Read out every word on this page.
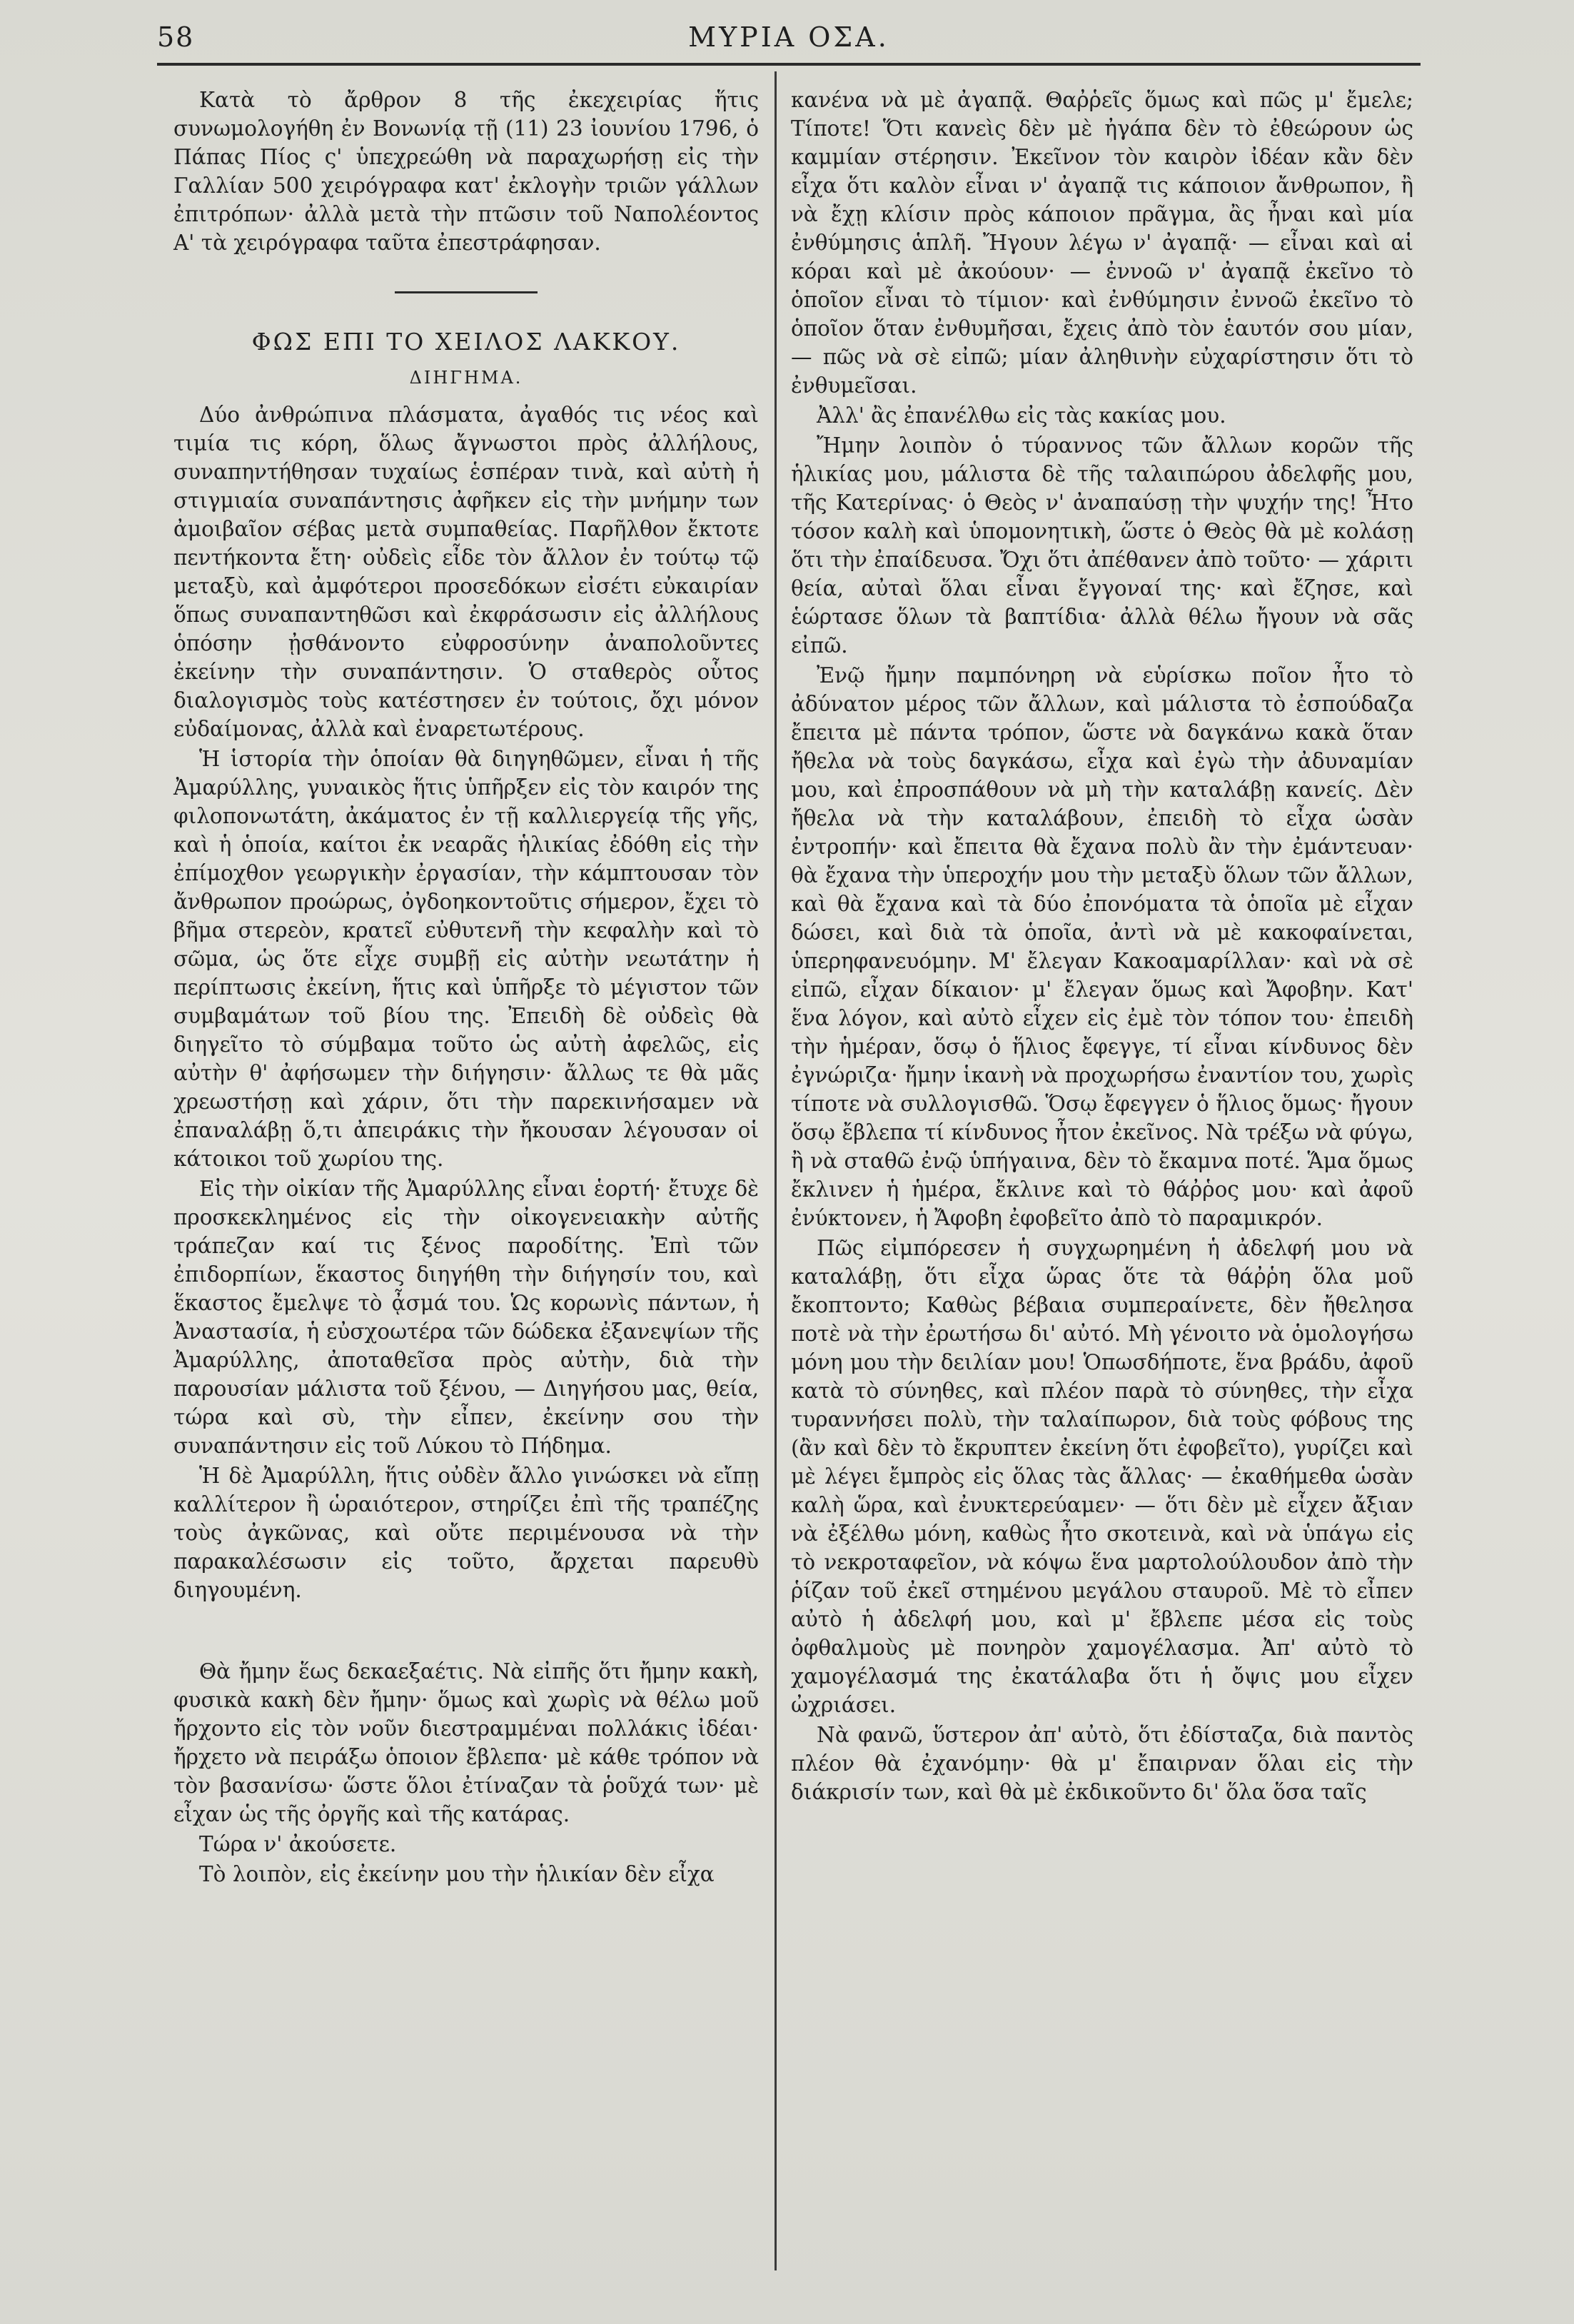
58	ΜΥΡΙΑ ΟΣΑ.

Κατὰ τὸ ἄρθρον 8 τῆς ἐκεχειρίας ἥτις συνωμολογήθη ἐν Βονωνίᾳ τῇ (11) 23 ἰουνίου 1796, ὁ Πάπας Πίος ς' ὑπεχρεώθη νὰ παραχωρήσῃ εἰς τὴν Γαλλίαν 500 χειρόγραφα κατ' ἐκλογὴν τριῶν γάλλων ἐπιτρόπων· ἀλλὰ μετὰ τὴν πτῶσιν τοῦ Ναπολέοντος Α' τὰ χειρόγραφα ταῦτα ἐπεστράφησαν.

ΦΩΣ ΕΠΙ ΤΟ ΧΕΙΛΟΣ ΛΑΚΚΟΥ.
ΔΙΗΓΗΜΑ.

Δύο ἀνθρώπινα πλάσματα, ἀγαθός τις νέος καὶ τιμία τις κόρη, ὅλως ἄγνωστοι πρὸς ἀλλήλους, συναπηντήθησαν τυχαίως ἑσπέραν τινὰ, καὶ αὐτὴ ἡ στιγμιαία συναπάντησις ἀφῆκεν εἰς τὴν μνήμην των ἀμοιβαῖον σέβας μετὰ συμπαθείας. Παρῆλθον ἔκτοτε πεντήκοντα ἔτη· οὐδεὶς εἶδε τὸν ἄλλον ἐν τούτῳ τῷ μεταξὺ, καὶ ἀμφότεροι προσεδόκων εἰσέτι εὐκαιρίαν ὅπως συναπαντηθῶσι καὶ ἐκφράσωσιν εἰς ἀλλήλους ὁπόσην ᾐσθάνοντο εὐφροσύνην ἀναπολοῦντες ἐκείνην τὴν συναπάντησιν. Ὁ σταθερὸς οὗτος διαλογισμὸς τοὺς κατέστησεν ἐν τούτοις, ὄχι μόνον εὐδαίμονας, ἀλλὰ καὶ ἐναρετωτέρους.

Ἡ ἱστορία τὴν ὁποίαν θὰ διηγηθῶμεν, εἶναι ἡ τῆς Ἀμαρύλλης, γυναικὸς ἥτις ὑπῆρξεν εἰς τὸν καιρόν της φιλοπονωτάτη, ἀκάματος ἐν τῇ καλλιεργείᾳ τῆς γῆς, καὶ ἡ ὁποία, καίτοι ἐκ νεαρᾶς ἡλικίας ἐδόθη εἰς τὴν ἐπίμοχθον γεωργικὴν ἐργασίαν, τὴν κάμπτουσαν τὸν ἄνθρωπον προώρως, ὀγδοηκοντοῦτις σήμερον, ἔχει τὸ βῆμα στερεὸν, κρατεῖ εὐθυτενῆ τὴν κεφαλὴν καὶ τὸ σῶμα, ὡς ὅτε εἶχε συμβῇ εἰς αὐτὴν νεωτάτην ἡ περίπτωσις ἐκείνη, ἥτις καὶ ὑπῆρξε τὸ μέγιστον τῶν συμβαμάτων τοῦ βίου της. Ἐπειδὴ δὲ οὐδεὶς θὰ διηγεῖτο τὸ σύμβαμα τοῦτο ὡς αὐτὴ ἀφελῶς, εἰς αὐτὴν θ' ἀφήσωμεν τὴν διήγησιν· ἄλλως τε θὰ μᾶς χρεωστήσῃ καὶ χάριν, ὅτι τὴν παρεκινήσαμεν νὰ ἐπαναλάβῃ ὅ,τι ἀπειράκις τὴν ἤκουσαν λέγουσαν οἱ κάτοικοι τοῦ χωρίου της.

Εἰς τὴν οἰκίαν τῆς Ἀμαρύλλης εἶναι ἑορτή· ἔτυχε δὲ προσκεκλημένος εἰς τὴν οἰκογενειακὴν αὐτῆς τράπεζαν καί τις ξένος παροδίτης. Ἐπὶ τῶν ἐπιδορπίων, ἕκαστος διηγήθη τὴν διήγησίν του, καὶ ἕκαστος ἔμελψε τὸ ᾆσμά του. Ὡς κορωνὶς πάντων, ἡ Ἀναστασία, ἡ εὐσχοωτέρα τῶν δώδεκα ἐξανεψίων τῆς Ἀμαρύλλης, ἀποταθεῖσα πρὸς αὐτὴν, διὰ τὴν παρουσίαν μάλιστα τοῦ ξένου, — Διηγήσου μας, θεία, τώρα καὶ σὺ, τὴν εἶπεν, ἐκείνην σου τὴν συναπάντησιν εἰς τοῦ Λύκου τὸ Πήδημα.

Ἡ δὲ Ἀμαρύλλη, ἥτις οὐδὲν ἄλλο γινώσκει νὰ εἴπῃ καλλίτερον ἢ ὡραιότερον, στηρίζει ἐπὶ τῆς τραπέζης τοὺς ἀγκῶνας, καὶ οὔτε περιμένουσα νὰ τὴν παρακαλέσωσιν εἰς τοῦτο, ἄρχεται παρευθὺ διηγουμένη.

Θὰ ἤμην ἕως δεκαεξαέτις. Νὰ εἰπῆς ὅτι ἤμην κακὴ, φυσικὰ κακὴ δὲν ἤμην· ὅμως καὶ χωρὶς νὰ θέλω μοῦ ἤρχοντο εἰς τὸν νοῦν διεστραμμέναι πολλάκις ἰδέαι· ἤρχετο νὰ πειράξω ὁποιον ἔβλεπα· μὲ κάθε τρόπον νὰ τὸν βασανίσω· ὥστε ὅλοι ἐτίναζαν τὰ ῥοῦχά των· μὲ εἶχαν ὡς τῆς ὀργῆς καὶ τῆς κατάρας.

Τώρα ν' ἀκούσετε.

Τὸ λοιπὸν, εἰς ἐκείνην μου τὴν ἡλικίαν δὲν εἶχα

κανένα νὰ μὲ ἀγαπᾷ. Θαῤῥεῖς ὅμως καὶ πῶς μ' ἔμελε; Τίποτε! Ὅτι κανεὶς δὲν μὲ ἠγάπα δὲν τὸ ἐθεώρουν ὡς καμμίαν στέρησιν. Ἐκεῖνον τὸν καιρὸν ἰδέαν κἂν δὲν εἶχα ὅτι καλὸν εἶναι ν' ἀγαπᾷ τις κάποιον ἄνθρωπον, ἢ νὰ ἔχῃ κλίσιν πρὸς κάποιον πρᾶγμα, ἂς ἦναι καὶ μία ἐνθύμησις ἁπλῆ. Ἤγουν λέγω ν' ἀγαπᾷ· — εἶναι καὶ αἱ κόραι καὶ μὲ ἀκούουν· — ἐννοῶ ν' ἀγαπᾷ ἐκεῖνο τὸ ὁποῖον εἶναι τὸ τίμιον· καὶ ἐνθύμησιν ἐννοῶ ἐκεῖνο τὸ ὁποῖον ὅταν ἐνθυμῆσαι, ἔχεις ἀπὸ τὸν ἑαυτόν σου μίαν, — πῶς νὰ σὲ εἰπῶ; μίαν ἀληθινὴν εὐχαρίστησιν ὅτι τὸ ἐνθυμεῖσαι.

Ἀλλ' ἂς ἐπανέλθω εἰς τὰς κακίας μου.

Ἤμην λοιπὸν ὁ τύραννος τῶν ἄλλων κορῶν τῆς ἡλικίας μου, μάλιστα δὲ τῆς ταλαιπώρου ἀδελφῆς μου, τῆς Κατερίνας· ὁ Θεὸς ν' ἀναπαύσῃ τὴν ψυχήν της! Ἦτο τόσον καλὴ καὶ ὑπομονητικὴ, ὥστε ὁ Θεὸς θὰ μὲ κολάσῃ ὅτι τὴν ἐπαίδευσα. Ὄχι ὅτι ἀπέθανεν ἀπὸ τοῦτο· — χάριτι θεία, αὐταὶ ὅλαι εἶναι ἔγγοναί της· καὶ ἔζησε, καὶ ἑώρτασε ὅλων τὰ βαπτίδια· ἀλλὰ θέλω ἤγουν νὰ σᾶς εἰπῶ.

Ἐνῷ ἤμην παμπόνηρη νὰ εὑρίσκω ποῖον ἦτο τὸ ἀδύνατον μέρος τῶν ἄλλων, καὶ μάλιστα τὸ ἐσπούδαζα ἔπειτα μὲ πάντα τρόπον, ὥστε νὰ δαγκάνω κακὰ ὅταν ἤθελα νὰ τοὺς δαγκάσω, εἶχα καὶ ἐγὼ τὴν ἀδυναμίαν μου, καὶ ἐπροσπάθουν νὰ μὴ τὴν καταλάβῃ κανείς. Δὲν ἤθελα νὰ τὴν καταλάβουν, ἐπειδὴ τὸ εἶχα ὡσὰν ἐντροπήν· καὶ ἔπειτα θὰ ἔχανα πολὺ ἂν τὴν ἐμάντευαν· θὰ ἔχανα τὴν ὑπεροχήν μου τὴν μεταξὺ ὅλων τῶν ἄλλων, καὶ θὰ ἔχανα καὶ τὰ δύο ἐπονόματα τὰ ὁποῖα μὲ εἶχαν δώσει, καὶ διὰ τὰ ὁποῖα, ἀντὶ νὰ μὲ κακοφαίνεται, ὑπερηφανευόμην. Μ' ἔλεγαν Κακοαμαρίλλαν· καὶ νὰ σὲ εἰπῶ, εἶχαν δίκαιον· μ' ἔλεγαν ὅμως καὶ Ἄφοβην. Κατ' ἕνα λόγον, καὶ αὐτὸ εἶχεν εἰς ἐμὲ τὸν τόπον του· ἐπειδὴ τὴν ἡμέραν, ὅσῳ ὁ ἥλιος ἔφεγγε, τί εἶναι κίνδυνος δὲν ἐγνώριζα· ἤμην ἱκανὴ νὰ προχωρήσω ἐναντίον του, χωρὶς τίποτε νὰ συλλογισθῶ. Ὅσῳ ἔφεγγεν ὁ ἥλιος ὅμως· ἤγουν ὅσῳ ἔβλεπα τί κίνδυνος ἦτον ἐκεῖνος. Νὰ τρέξω νὰ φύγω, ἢ νὰ σταθῶ ἐνῷ ὑπήγαινα, δὲν τὸ ἔκαμνα ποτέ. Ἅμα ὅμως ἔκλινεν ἡ ἡμέρα, ἔκλινε καὶ τὸ θάῤῥος μου· καὶ ἀφοῦ ἐνύκτονεν, ἡ Ἄφοβη ἐφοβεῖτο ἀπὸ τὸ παραμικρόν.

Πῶς εἰμπόρεσεν ἡ συγχωρημένη ἡ ἀδελφή μου νὰ καταλάβῃ, ὅτι εἶχα ὥρας ὅτε τὰ θάῤῥη ὅλα μοῦ ἔκοπτοντο; Καθὼς βέβαια συμπεραίνετε, δὲν ἤθελησα ποτὲ νὰ τὴν ἐρωτήσω δι' αὐτό. Μὴ γένοιτο νὰ ὁμολογήσω μόνη μου τὴν δειλίαν μου! Ὁπωσδήποτε, ἕνα βράδυ, ἀφοῦ κατὰ τὸ σύνηθες, καὶ πλέον παρὰ τὸ σύνηθες, τὴν εἶχα τυραννήσει πολὺ, τὴν ταλαίπωρον, διὰ τοὺς φόβους της (ἂν καὶ δὲν τὸ ἔκρυπτεν ἐκείνη ὅτι ἐφοβεῖτο), γυρίζει καὶ μὲ λέγει ἔμπρὸς εἰς ὅλας τὰς ἄλλας· — ἐκαθήμεθα ὡσὰν καλὴ ὥρα, καὶ ἐνυκτερεύαμεν· — ὅτι δὲν μὲ εἶχεν ἄξιαν νὰ ἐξέλθω μόνη, καθὼς ἦτο σκοτεινὰ, καὶ νὰ ὑπάγω εἰς τὸ νεκροταφεῖον, νὰ κόψω ἕνα μαρτολούλουδον ἀπὸ τὴν ῥίζαν τοῦ ἐκεῖ στημένου μεγάλου σταυροῦ. Μὲ τὸ εἶπεν αὐτὸ ἡ ἀδελφή μου, καὶ μ' ἔβλεπε μέσα εἰς τοὺς ὀφθαλμοὺς μὲ πονηρὸν χαμογέλασμα. Ἀπ' αὐτὸ τὸ χαμογέλασμά της ἐκατάλαβα ὅτι ἡ ὄψις μου εἶχεν ὠχριάσει.

Νὰ φανῶ, ὕστερον ἀπ' αὐτὸ, ὅτι ἐδίσταζα, διὰ παντὸς πλέον θὰ ἐχανόμην· θὰ μ' ἔπαιρναν ὅλαι εἰς τὴν διάκρισίν των, καὶ θὰ μὲ ἐκδικοῦντο δι' ὅλα ὅσα ταῖς
